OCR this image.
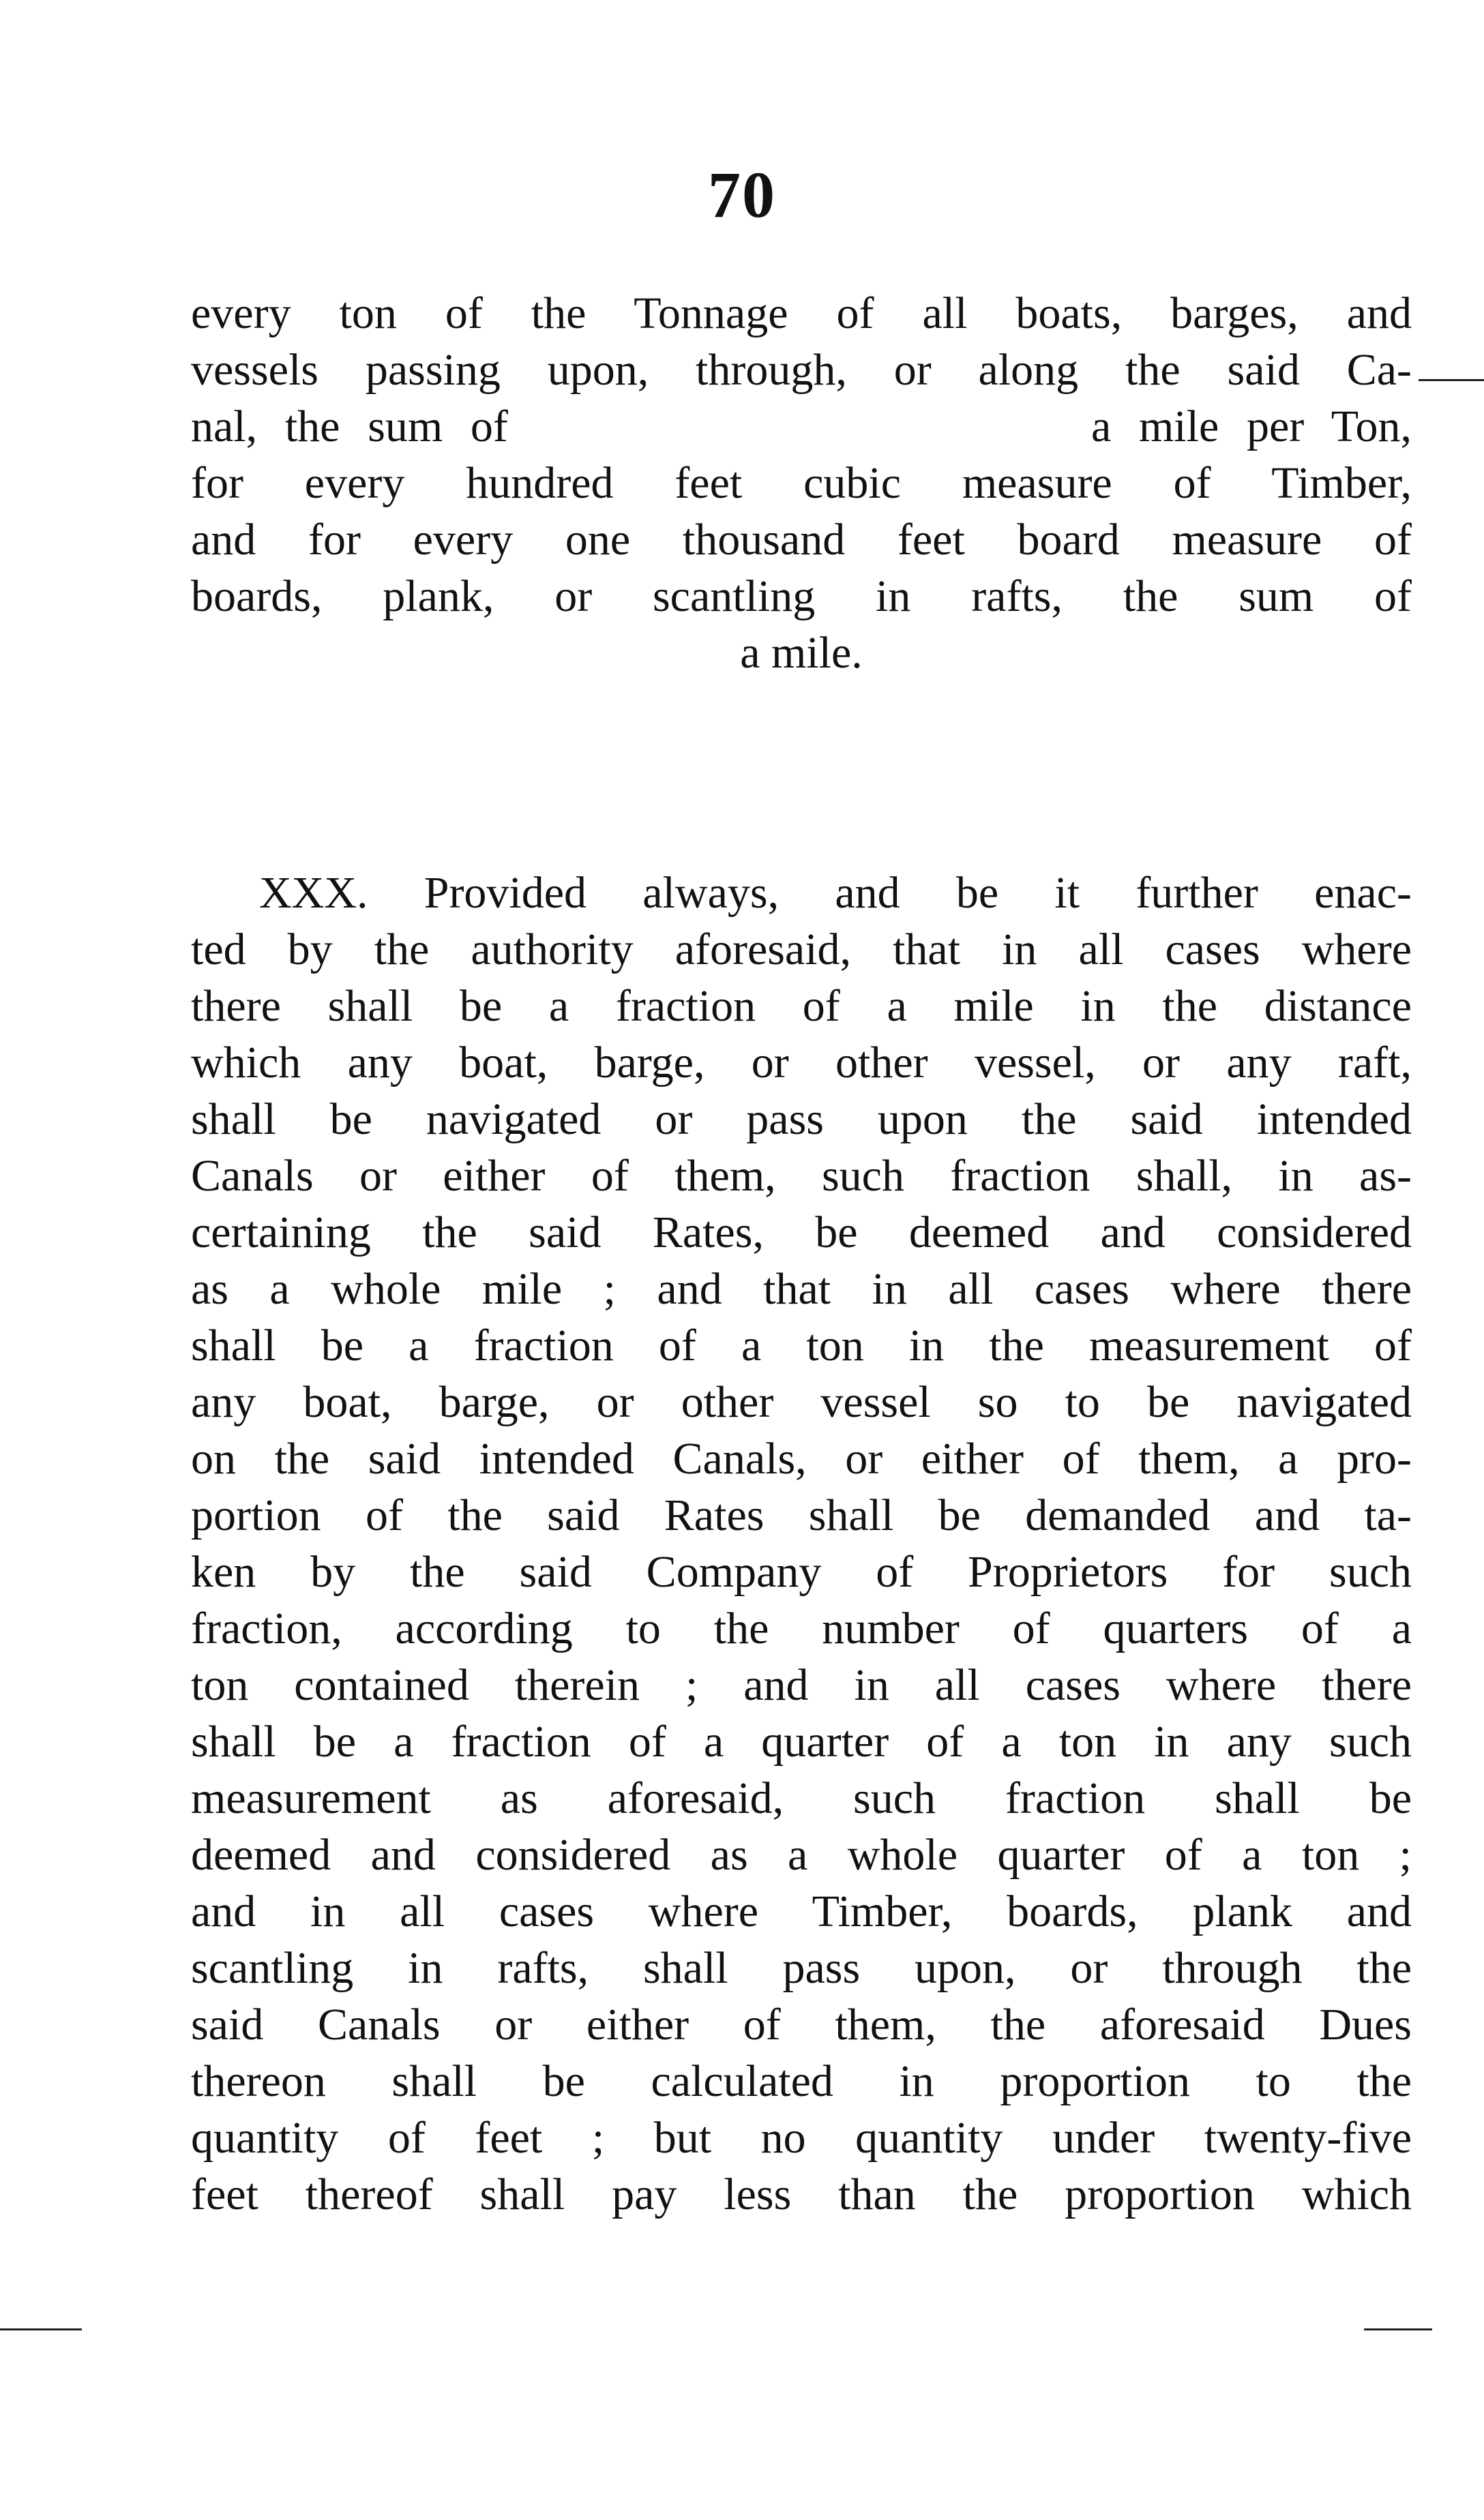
70
every ton of the Tonnage of all boats, barges, and
vessels passing upon, through, or along the said Ca-
nal, the sum of                     a mile per Ton,
for every hundred feet cubic measure of Timber,
and for every one thousand feet board measure of
boards, plank, or scantling in rafts, the sum of
a mile.
XXX. Provided always, and be it further enac-
ted by the authority aforesaid, that in all cases where
there shall be a fraction of a mile in the distance
which any boat, barge, or other vessel, or any raft,
shall be navigated or pass upon the said intended
Canals or either of them, such fraction shall, in as-
certaining the said Rates, be deemed and considered
as a whole mile ; and that in all cases where there
shall be a fraction of a ton in the measurement of
any boat, barge, or other vessel so to be navigated
on the said intended Canals, or either of them, a pro-
portion of the said Rates shall be demanded and ta-
ken by the said Company of Proprietors for such
fraction, according to the number of quarters of a
ton contained therein ; and in all cases where there
shall be a fraction of a quarter of a ton in any such
measurement as aforesaid, such fraction shall be
deemed and considered as a whole quarter of a ton ;
and in all cases where Timber, boards, plank and
scantling in rafts, shall pass upon, or through the
said Canals or either of them, the aforesaid Dues
thereon shall be calculated in proportion to the
quantity of feet ; but no quantity under twenty-five
feet thereof shall pay less than the proportion which
